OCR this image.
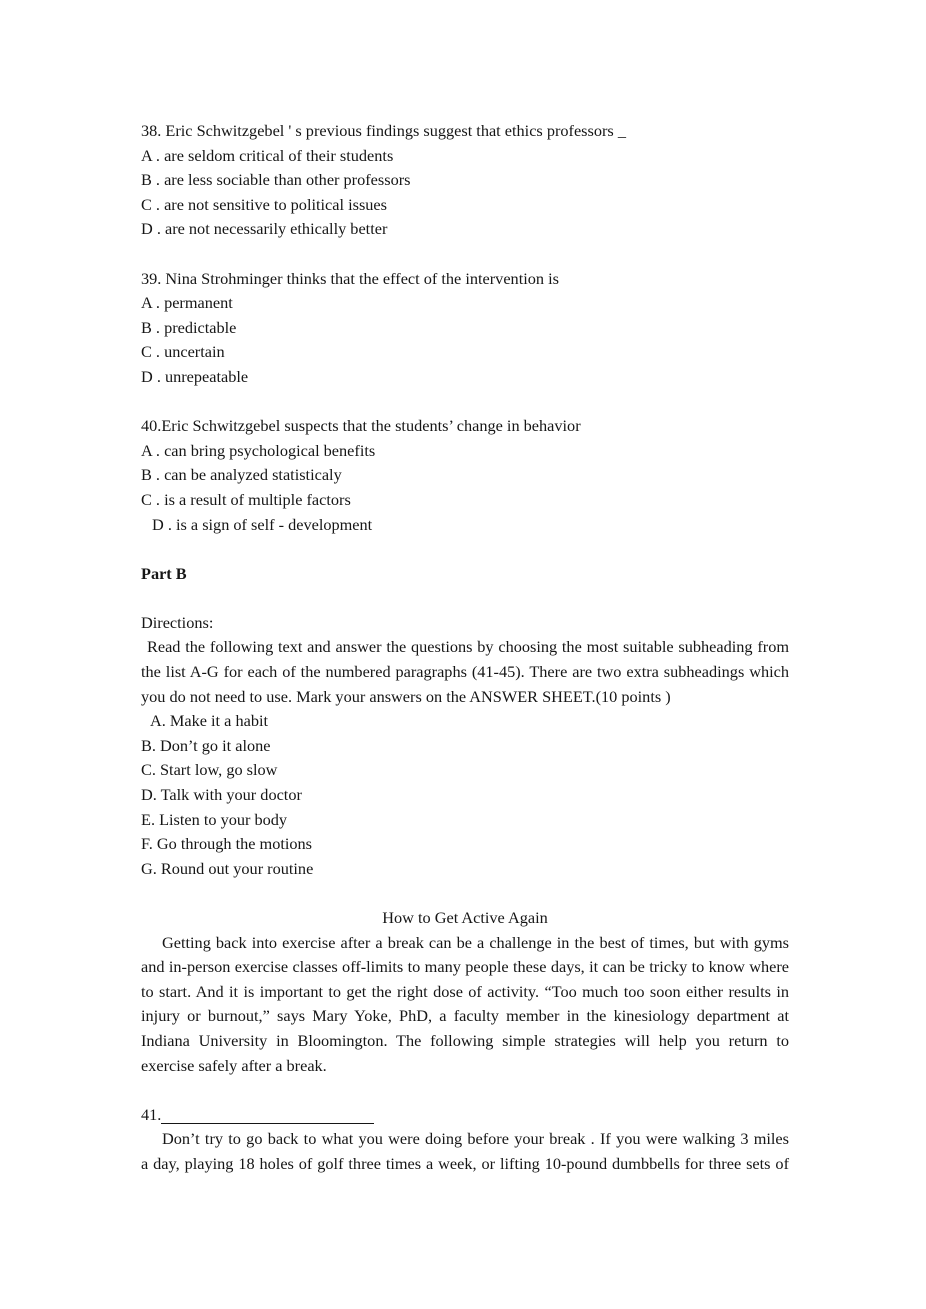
38. Eric Schwitzgebel ' s previous findings suggest that ethics professors _

A . are seldom critical of their students

B . are less sociable than other professors

C . are not sensitive to political issues

D . are not necessarily ethically better

39. Nina Strohminger thinks that the effect of the intervention is

A . permanent

B . predictable

C . uncertain

D . unrepeatable

40.Eric Schwitzgebel suspects that the students’ change in behavior

A . can bring psychological benefits

B . can be analyzed statisticaly

C . is a result of multiple factors

D . is a sign of self - development

Part B

Directions:

Read the following text and answer the questions by choosing the most suitable subheading from

the list A-G for each of the numbered paragraphs (41-45). There are two extra subheadings which

you do not need to use. Mark your answers on the ANSWER SHEET.(10 points )

A. Make it a habit

B. Don’t go it alone

C. Start low, go slow

D. Talk with your doctor

E. Listen to your body

F. Go through the motions

G. Round out your routine

How to Get Active Again

Getting back into exercise after a break can be a challenge in the best of times, but with gyms

and in-person exercise classes off-limits to many people these days, it can be tricky to know where

to start. And it is important to get the right dose of activity. “Too much too soon either results in

injury or burnout,” says Mary Yoke, PhD, a faculty member in the kinesiology department at

Indiana University in Bloomington. The following simple strategies will help you return to

exercise safely after a break.

41.

Don’t try to go back to what you were doing before your break . If you were walking 3 miles

a day, playing 18 holes of golf three times a week, or lifting 10-pound dumbbells for three sets of
